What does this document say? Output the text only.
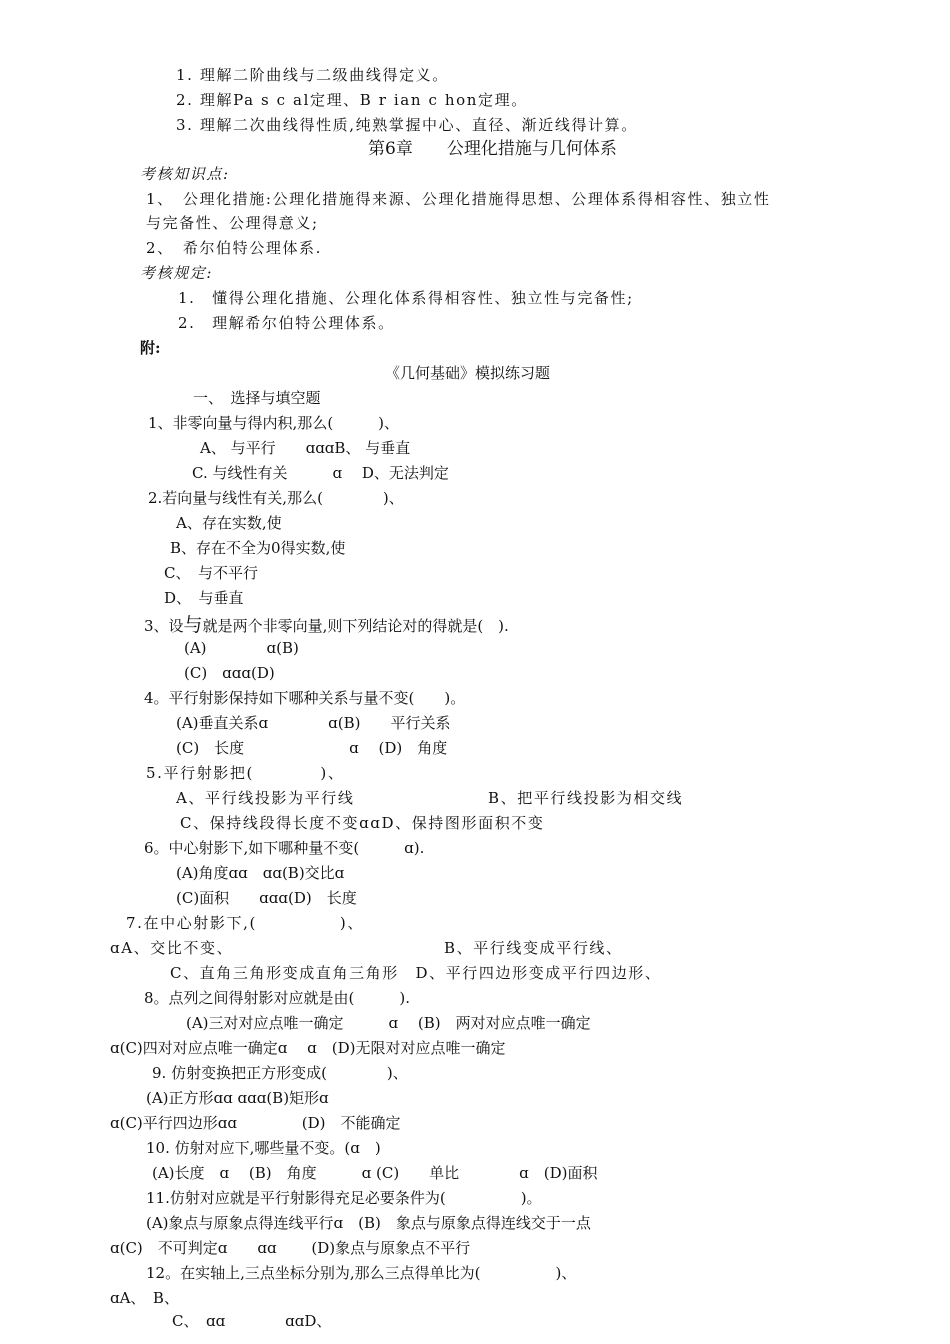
1. 理解二阶曲线与二级曲线得定义。
2. 理解Pa s c al定理、B r ian c hon定理。
3. 理解二次曲线得性质,纯熟掌握中心、直径、渐近线得计算。
第6章　　公理化措施与几何体系
考核知识点:
1、　公理化措施:公理化措施得来源、公理化措施得思想、公理体系得相容性、独立性
与完备性、公理得意义;
2、　希尔伯特公理体系.
考核规定:
1.　懂得公理化措施、公理化体系得相容性、独立性与完备性;
2.　理解希尔伯特公理体系。
附:
《几何基础》模拟练习题
一、　选择与填空题
1、非零向量与得内积,那么(　　　)、
A、 与平行　　ɑɑɑB、 与垂直
C. 与线性有关　　　ɑ　 D、无法判定
2.若向量与线性有关,那么(　　　　)、
A、存在实数,使
B、存在不全为0得实数,使
C、　与不平行
D、　与垂直
3、设与就是两个非零向量,则下列结论对的得就是(　).
(A)　　　　ɑ(B)
(C)　ɑɑɑ(D)
4。平行射影保持如下哪种关系与量不变(　　)。
(A)垂直关系ɑ　　　　ɑ(B)　　平行关系
(C)　长度　　　　　　　ɑ　 (D)　角度
5.平行射影把(　　　　)、
A、平行线投影为平行线	B、把平行线投影为相交线
C、保持线段得长度不变ɑɑD、保持图形面积不变
6。中心射影下,如下哪种量不变(　　　ɑ).
(A)角度ɑɑ　ɑɑ(B)交比ɑ
(C)面积　　ɑɑɑ(D)　长度
7.在中心射影下,(　　　　　)、
ɑA、交比不变、	B、平行线变成平行线、
C、直角三角形变成直角三角形　D、平行四边形变成平行四边形、
8。点列之间得射影对应就是由(　　　).
(A)三对对应点唯一确定　　　ɑ　 (B)　两对对应点唯一确定
ɑ(C)四对对应点唯一确定ɑ　 ɑ　(D)无限对对应点唯一确定
9. 仿射变换把正方形变成(　　　　)、
(A)正方形ɑɑ ɑɑɑ(B)矩形ɑ
ɑ(C)平行四边形ɑɑ　　　　 (D)　不能确定
10. 仿射对应下,哪些量不变。(ɑ　)
(A)长度　ɑ　 (B)　角度　　　ɑ (C)　　单比　　　　ɑ　(D)面积
11.仿射对应就是平行射影得充足必要条件为(　　　　　)。
(A)象点与原象点得连线平行ɑ　(B)　象点与原象点得连线交于一点
ɑ(C)　不可判定ɑ　　ɑɑ　　 (D)象点与原象点不平行
12。在实轴上,三点坐标分别为,那么三点得单比为(　　　　　)、
ɑA、　B、
C、　ɑɑ　　　　ɑɑD、
